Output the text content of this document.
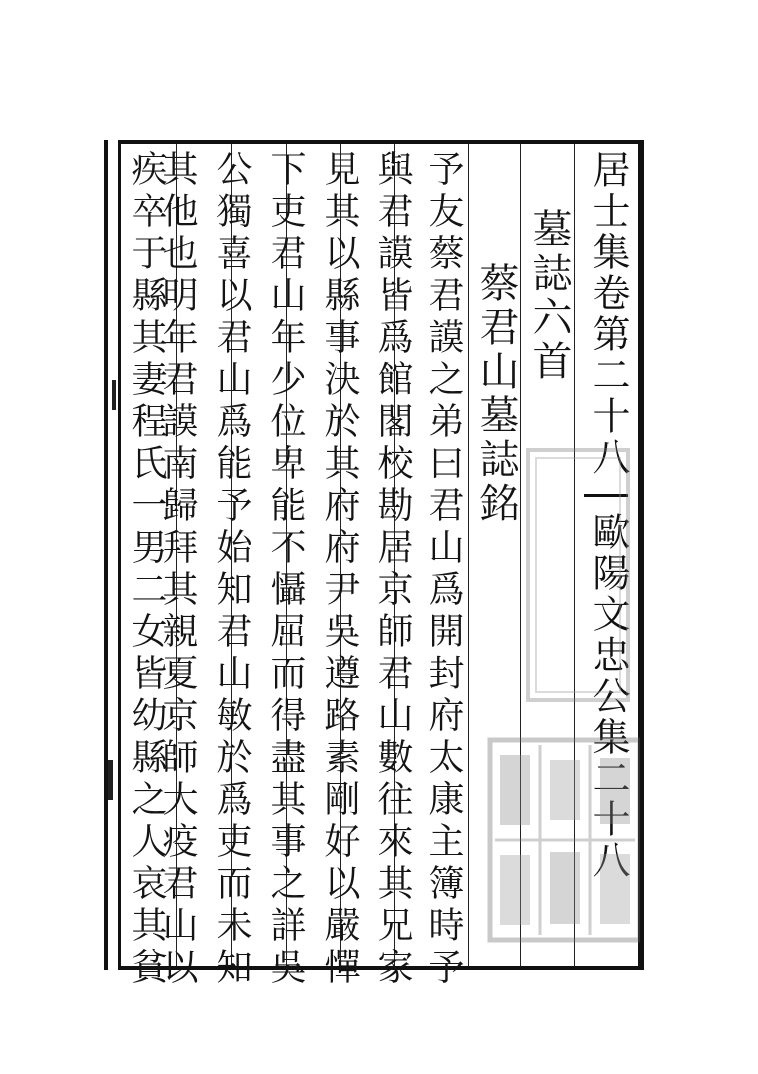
居士集卷第二十八
歐陽文忠公集二十八
墓誌六首
蔡君山墓誌銘
予友蔡君謨之弟曰君山爲開封府太康主簿時予
與君謨皆爲館閣校勘居京師君山數往來其兄家
見其以縣事決於其府府尹吳遵路素剛好以嚴憚
下吏君山年少位卑能不懾屈而得盡其事之詳吳
公獨喜以君山爲能予始知君山敏於爲吏而未知
其他也明年君謨南歸拜其親夏京師大疫君山以
疾卒于縣其妻程氏一男二女皆幼縣之人哀其貧
